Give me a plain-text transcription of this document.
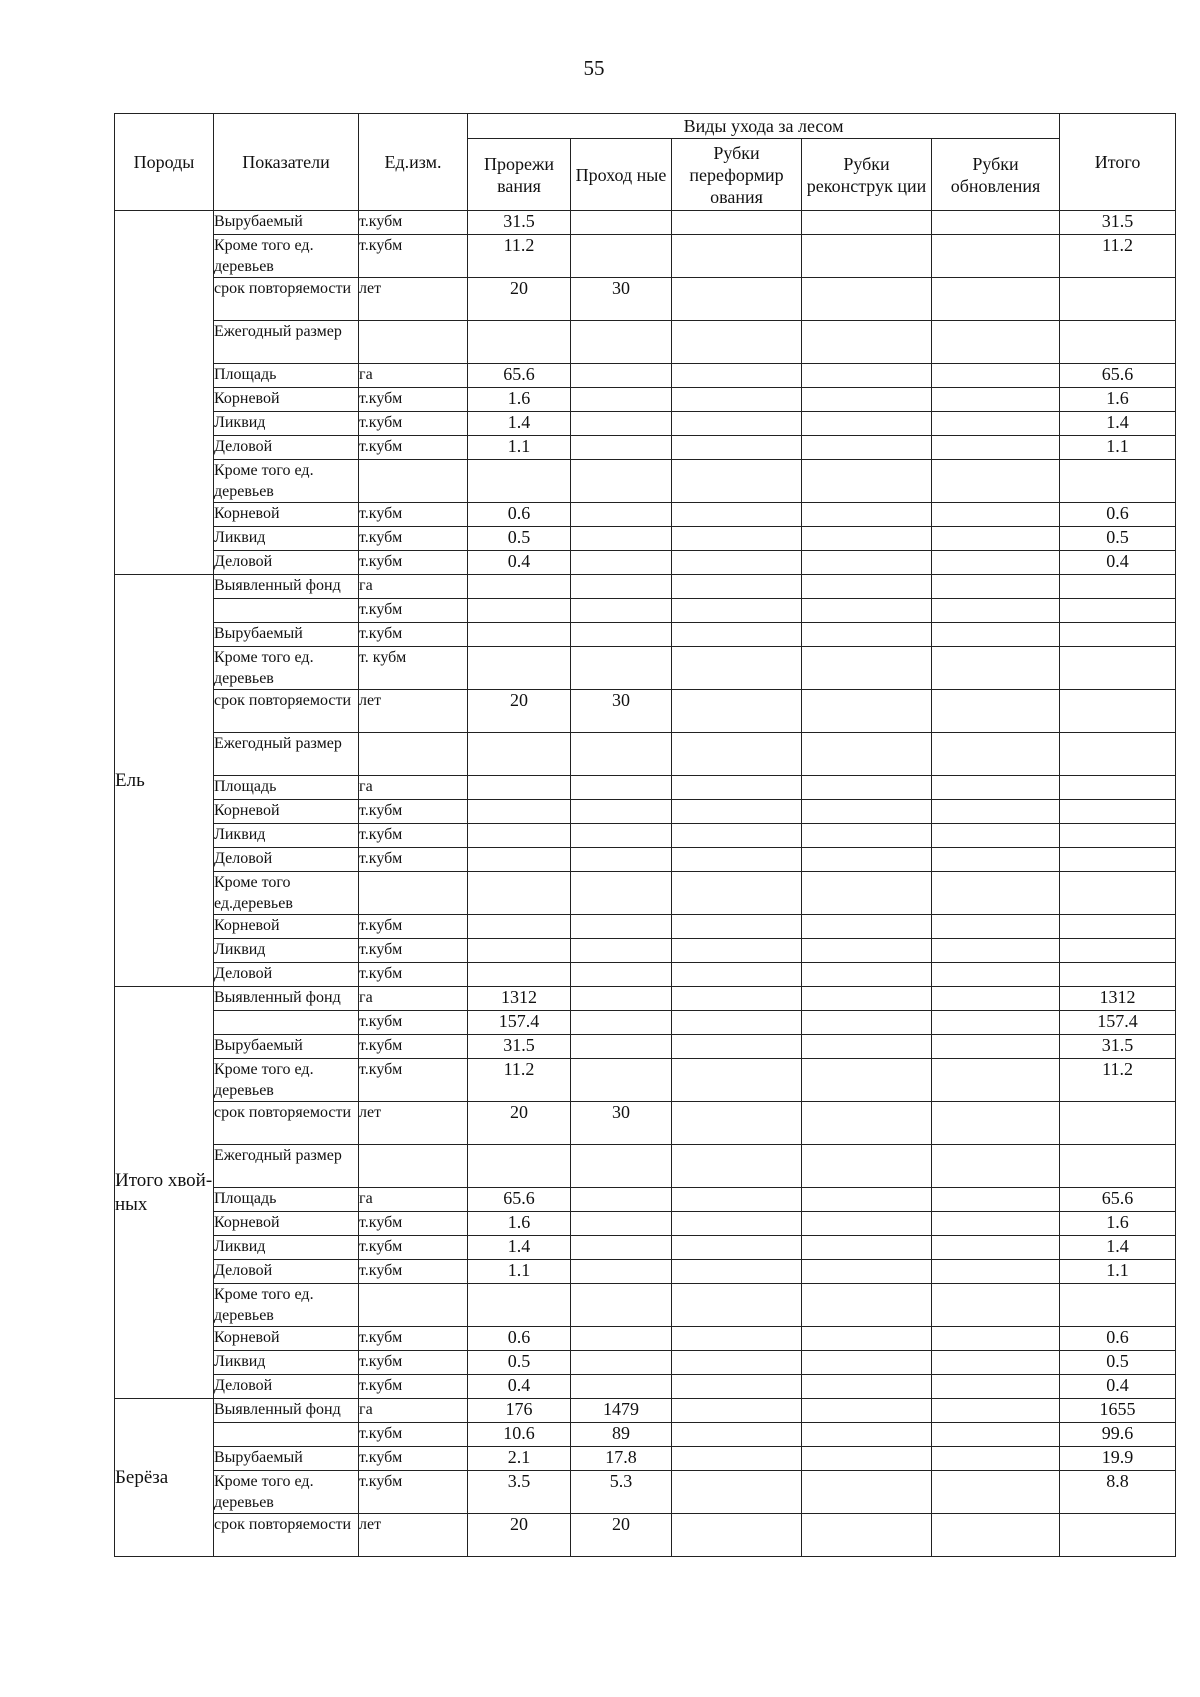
55
Породы	Показатели	Ед.изм.	Виды ухода за лесом					Итого
			Прорежи вания	Проход ные	Рубки переформир ования	Рубки реконструк ции	Рубки обновления	
	Вырубаемый	т.кубм	31.5					31.5
	Кроме того ед. деревьев	т.кубм	11.2					11.2
	срок повторяемости	лет	20	30				
	Ежегодный размер							
	Площадь	га	65.6					65.6
	Корневой	т.кубм	1.6					1.6
	Ликвид	т.кубм	1.4					1.4
	Деловой	т.кубм	1.1					1.1
	Кроме того ед. деревьев							
	Корневой	т.кубм	0.6					0.6
	Ликвид	т.кубм	0.5					0.5
	Деловой	т.кубм	0.4					0.4
Ель	Выявленный фонд	га						
		т.кубм						
	Вырубаемый	т.кубм						
	Кроме того ед. деревьев	т. кубм						
	срок повторяемости	лет	20	30				
	Ежегодный размер							
	Площадь	га						
	Корневой	т.кубм						
	Ликвид	т.кубм						
	Деловой	т.кубм						
	Кроме того ед.деревьев							
	Корневой	т.кубм						
	Ликвид	т.кубм						
	Деловой	т.кубм						
Итого хвой- ных	Выявленный фонд	га	1312					1312
		т.кубм	157.4					157.4
	Вырубаемый	т.кубм	31.5					31.5
	Кроме того ед. деревьев	т.кубм	11.2					11.2
	срок повторяемости	лет	20	30				
	Ежегодный размер							
	Площадь	га	65.6					65.6
	Корневой	т.кубм	1.6					1.6
	Ликвид	т.кубм	1.4					1.4
	Деловой	т.кубм	1.1					1.1
	Кроме того ед. деревьев							
	Корневой	т.кубм	0.6					0.6
	Ликвид	т.кубм	0.5					0.5
	Деловой	т.кубм	0.4					0.4
Берёза	Выявленный фонд	га	176	1479				1655
		т.кубм	10.6	89				99.6
	Вырубаемый	т.кубм	2.1	17.8				19.9
	Кроме того ед. деревьев	т.кубм	3.5	5.3				8.8
	срок повторяемости	лет	20	20				
